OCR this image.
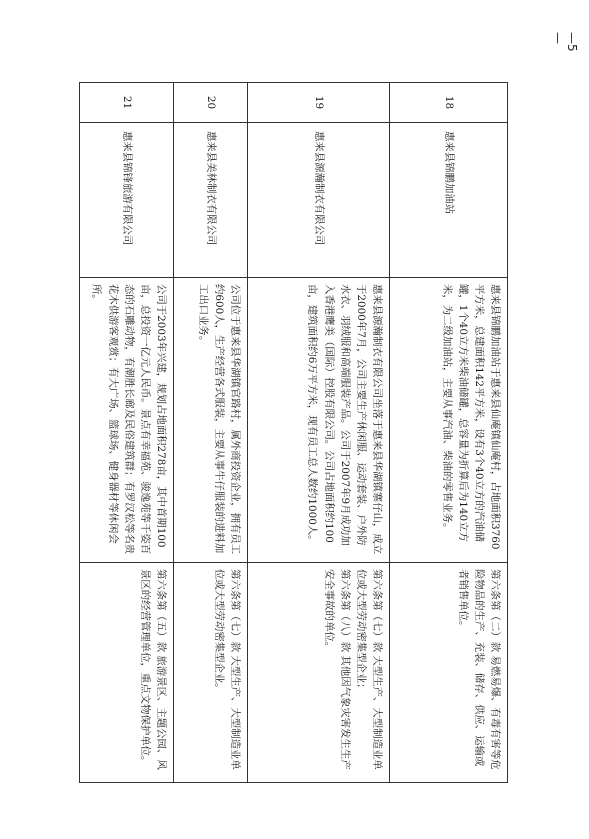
—5—
18	惠来县锦鹏加油站	惠来县锦鹏加油站于惠来县仙庵镇仙庵村，占地面积3760平方米，总建面积142平方米，设有3个40立方的汽油储罐，1个40立方米柴油储罐，总容量为折算后为140立方米，为二级加油站，主要从事汽油、柴油的零售业务。	第六条第（二）款 易燃易爆、有毒有害等危险物品的生产、充装、储存、供应、运输或者销售单位。

19	惠来县源瀚制衣有限公司	惠来县源瀚制衣有限公司坐落于惠来县华湖镇寨仔山，成立于2000年7月，公司主要生产休闲服、运动套装、户外防水衣、羽绒服和高端服装产品。公司于2007年9月成功加入香港鹰美（国际）控股有限公司。公司占地面积约100亩，建筑面积约6万平方米，现有员工总人数约1000人。	第六条第（七）款 大型生产、大型制造业单位或大型劳动密集型企业；

第六条第（八）款 其他因气象灾害发生生产安全事故的单位。

20	惠来县美林制衣有限公司	公司位于惠来县华湖镇官路村，属外商投资企业，拥有员工约600人，生产经营各式服装，主要从事牛仔服装的进料加工出口业务。	第六条第（七）款 大型生产、大型制造业单位或大型劳动密集型企业。

21	惠来县锦锋旅游有限公司	公司于2003年兴建，规划占地面积278亩，其中首期100亩，总投资一亿元人民币。景点有幸福苑、骏逸苑等千姿百态的石雕动物，有潮胜长廊及民俗建筑群；有罗汉松等名贵花木供游客观赏；有大广场、篮球场、健身器材等休闲会所。	第六条第（五）款 旅游景区、主题公园、风景区的经营管理单位，重点文物保护单位。
